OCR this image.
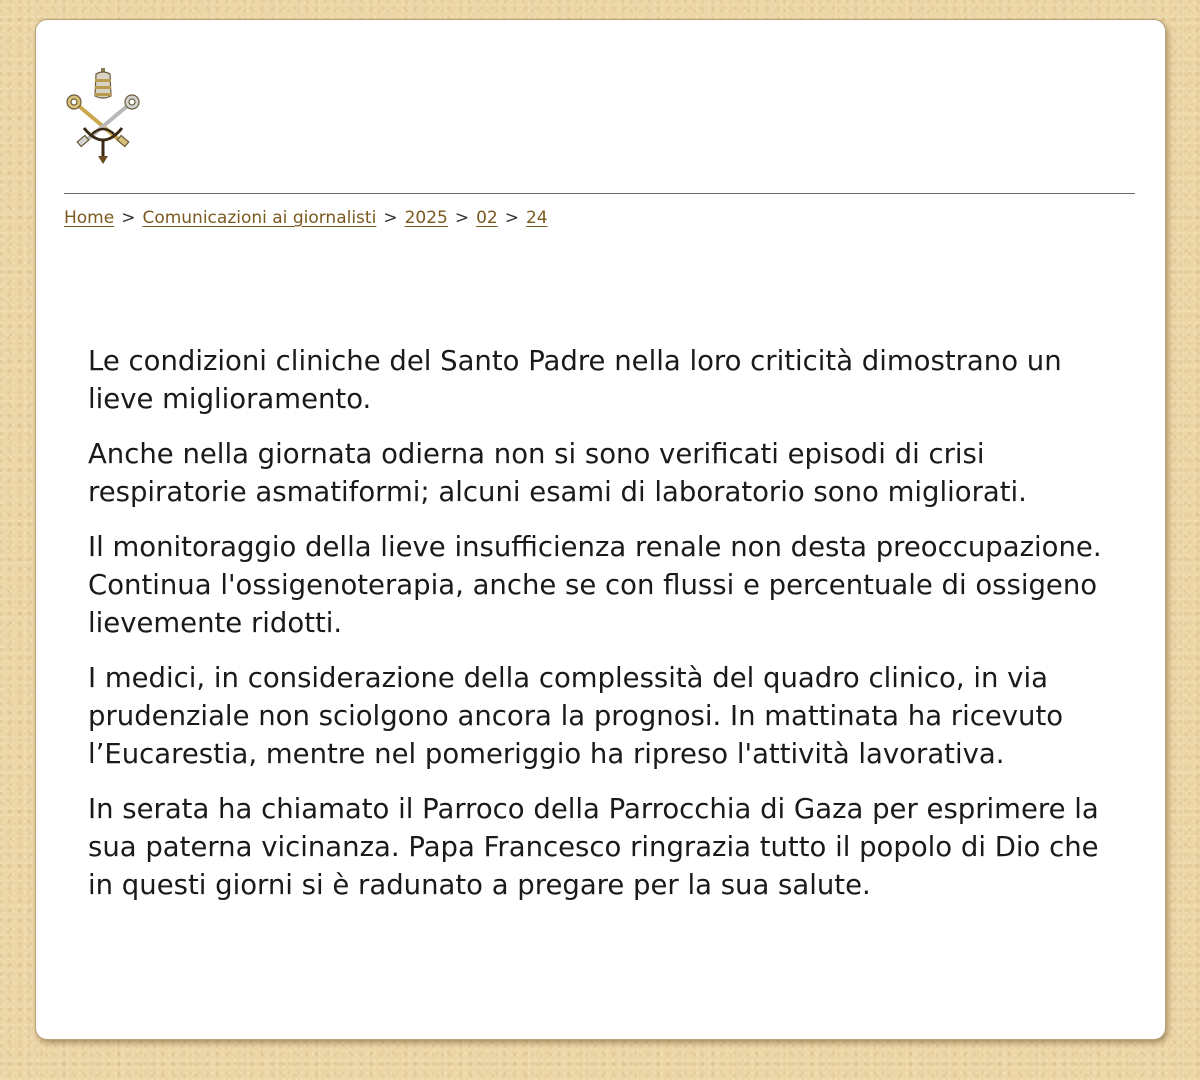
Home > Comunicazioni ai giornalisti > 2025 > 02 > 24

Le condizioni cliniche del Santo Padre nella loro criticità dimostrano un lieve miglioramento.

Anche nella giornata odierna non si sono verificati episodi di crisi respiratorie asmatiformi; alcuni esami di laboratorio sono migliorati.

Il monitoraggio della lieve insufficienza renale non desta preoccupazione. Continua l'ossigenoterapia, anche se con flussi e percentuale di ossigeno lievemente ridotti.

I medici, in considerazione della complessità del quadro clinico, in via prudenziale non sciolgono ancora la prognosi. In mattinata ha ricevuto l’Eucarestia, mentre nel pomeriggio ha ripreso l'attività lavorativa.

In serata ha chiamato il Parroco della Parrocchia di Gaza per esprimere la sua paterna vicinanza. Papa Francesco ringrazia tutto il popolo di Dio che in questi giorni si è radunato a pregare per la sua salute.
